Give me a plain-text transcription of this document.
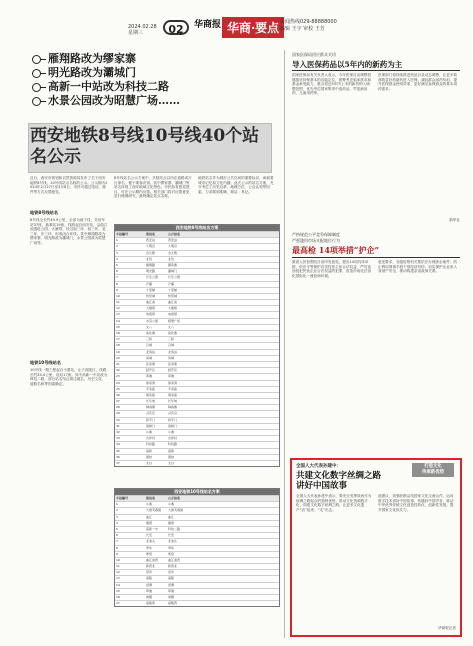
2024.02.28
星期三	02	华商报 华商·要点 新闻热线029-88888000
编辑 王宇 审校 王芳
雁翔路改为缪家寨
明光路改为灞城门
高新一中站改为科技二路
水景公园改为昭慧广场……
西安地铁8号线10号线40个站名公示
近日，西安市规划和自然资源局发布了关于西安地铁8号线、10号线站点名称的公示。公示期为2024年2月27日至3月8日，市民可通过电话、邮件等方式反馈意见。
地铁8号线站名
8号线全长约49.9公里，全部为地下线，共设车站37座，换乘站19座。线路起自西安站，沿曲江池遗址公园、大雁塔，经过南三环、西三环、北三环、东三环，形成闭合环线。其中雁翔路改为缪家寨，明光路改为灞城门，水景公园改为昭慧广场等。
地铁10号线站名
10号线一期工程起自小寨站，止于高陵区，线路长约34.4公里，设站17座。其中高新一中站改为科技二路，部分站名结合周边地名、历史文化、道路名称等因素确定。
8号线站名公示方案中，多数站点以所在道路或片区命名，便于乘客识别。其中缪家寨、灞城门等站名体现了西安地域文化特色。市民如有意见建议，可在公示期内反馈。相关部门将对反馈意见进行梳理研究，最终确定站点名称。
地铁站名作为城市公共空间的重要标识，承载着城市记忆和文化内涵。此次公示的站名方案，充分考虑了历史沿革、地理方位、公众认知等因素，力求做到准确、简洁、易记。
西安地铁8号线站名方案
车站编号	原站名	公示站名
1	西安站	西安站
2	大明宫	大明宫
3	含元殿	含元殿
4	北辰	北辰
5	雁翔路	缪家寨
6	明光路	灞城门
7	长乐公园	长乐公园
8	浐灞	浐灞
9	十里铺	十里铺
10	纺织城	纺织城
11	曲江池	曲江池
12	大雁塔	大雁塔
13	电视塔	电视塔
14	水景公园	昭慧广场
15	丈八	丈八
16	鱼化寨	鱼化寨
17	三桥	三桥
18	汉城	汉城
19	北客站	北客站
20	凤城	凤城
21	张家堡	张家堡
22	经开区	经开区
23	草滩	草滩
24	徐家湾	徐家湾
25	辛家庙	辛家庙
26	胡家庙	胡家庙
27	长乐坡	长乐坡
28	韩森寨	韩森寨
29	兴庆宫	兴庆宫
30	和平门	和平门
31	南稍门	南稍门
32	小寨	小寨
33	吉祥村	吉祥村
34	科技路	科技路
35	高新	高新
36	团结	团结
37	太白	太白
西安地铁10号线站名方案
车站编号	原站名	公示站名
1	小寨	小寨
2	大唐芙蓉园	大唐芙蓉园
3	曲江	曲江
4	雁塔	雁塔
5	高新一中	科技二路
6	长安	长安
7	北池头	北池头
8	翠华	翠华
9	寒窑	寒窑
10	曲江池西	曲江池西
11	新西北	新西北
12	泾河	泾河
13	高陵	高陵
14	泾渭	泾渭
15	草滩	草滩
16	尚稷	尚稷
17	高陵西	高陵西
国家医保局回应群众关切
导入医保药品以5年内的新药为主
国家医保局有关负责人表示，今年医保目录调整将继续坚持保基本的功能定位，统筹考虑临床需求和基金承受能力，重点将近5年内上市的新药纳入调整范围，优先考虑国家集采中选药品、罕见病用药、儿童用药等。
医保部门将持续推进药品目录动态调整，让更多救命救急好药新药进入医保，减轻群众用药负担，提升医保基金使用效率，更好满足参保群众的基本用药需求。
新华社
严格规范公平竞争保障制度
严惩滥用市场支配地位行为
最高检 14项举措“护企”
最高人民检察院日前印发意见，提出14项具体举措，依法平等保护各类经营主体合法权益，严厉惩治侵犯民营企业合法权益的犯罪，营造市场化法治化国际化一流营商环境。
意见要求，各级检察机关要依法办理涉企案件，防止利用刑事手段干预经济纠纷，切实保护企业家人身财产安全，推动构建亲清政商关系。
打造文化
传承新优势
全国人大代表孙建中：
共建文化数字丝绸之路
讲好中国故事
全国人大代表孙建中表示，要充分发挥陕西作为丝绸之路起点的独特优势，推动文化资源数字化，构建文化数字丝绸之路，让更多文化遗产“活”起来、“走”出去。
他建议，加强丝路沿线国家文化交流合作，运用数字技术讲好中国故事，传播好中国声音，推动中华优秀传统文化创造性转化、创新性发展，提升国家文化软实力。
华商报记者
